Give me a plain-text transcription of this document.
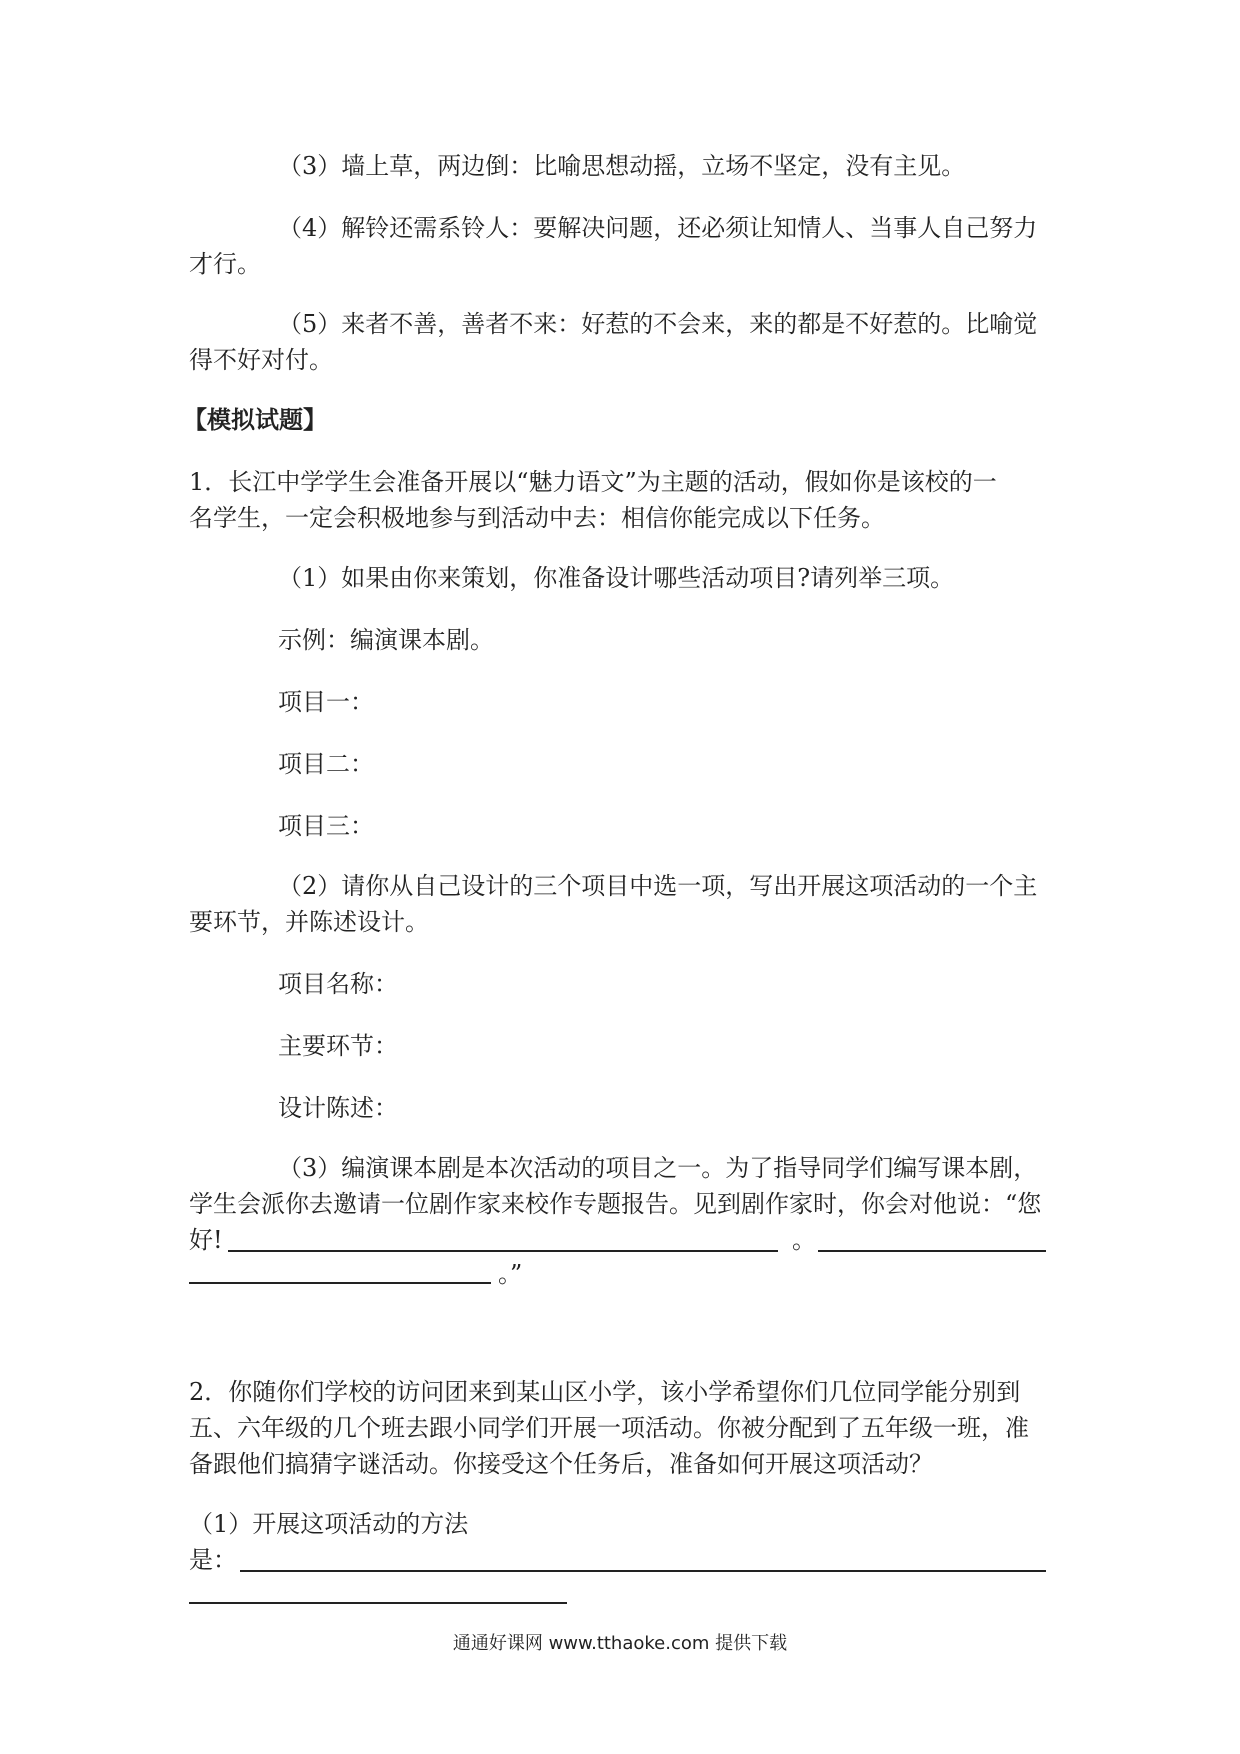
（3）墙上草，两边倒：比喻思想动摇，立场不坚定，没有主见。
（4）解铃还需系铃人：要解决问题，还必须让知情人、当事人自己努力
才行。
（5）来者不善，善者不来：好惹的不会来，来的都是不好惹的。比喻觉
得不好对付。
【模拟试题】
1．长江中学学生会准备开展以“魅力语文”为主题的活动，假如你是该校的一
名学生，一定会积极地参与到活动中去：相信你能完成以下任务。
（1）如果由你来策划，你准备设计哪些活动项目?请列举三项。
示例：编演课本剧。
项目一：
项目二：
项目三：
（2）请你从自己设计的三个项目中选一项，写出开展这项活动的一个主
要环节，并陈述设计。
项目名称：
主要环节：
设计陈述：
（3）编演课本剧是本次活动的项目之一。为了指导同学们编写课本剧，
学生会派你去邀请一位剧作家来校作专题报告。见到剧作家时，你会对他说：“您
好!	。
。”
2．你随你们学校的访问团来到某山区小学，该小学希望你们几位同学能分别到
五、六年级的几个班去跟小同学们开展一项活动。你被分配到了五年级一班，准
备跟他们搞猜字谜活动。你接受这个任务后，准备如何开展这项活动？
（1）开展这项活动的方法
是：
通通好课网 www.tthaoke.com 提供下载
